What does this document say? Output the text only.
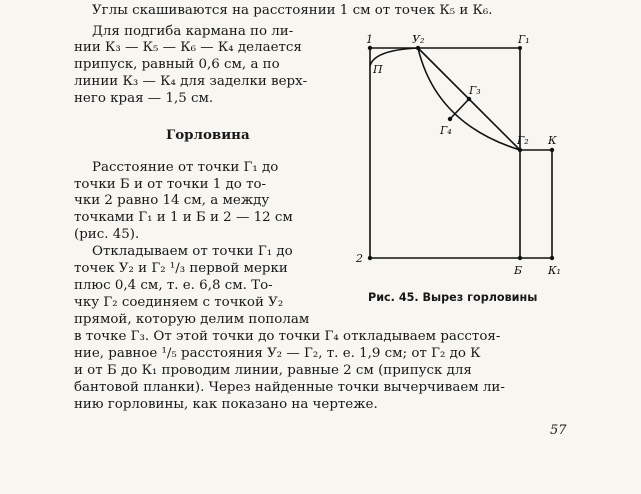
Углы скашиваются на расстоянии 1 см от точек К₅ и К₆.
Для подгиба кармана по ли-
нии К₃ — К₅ — К₆ — К₄ делается
припуск, равный 0,6 см, а по
линии К₃ — К₄ для заделки верх-
него края — 1,5 см.
Горловина
Расстояние от точки Г₁ до
точки Б и от точки 1 до то-
чки 2 равно 14 см, а между
точками Г₁ и 1 и Б и 2 — 12 см
(рис. 45).
Откладываем от точки Г₁ до
точек У₂ и Г₂ ¹/₃ первой мерки
плюс 0,4 см, т. е. 6,8 см. То-
чку Г₂ соединяем с точкой У₂
прямой, которую делим пополам
в точке Г₃. От этой точки до точки Г₄ откладываем расстоя-
ние, равное ¹/₅ расстояния У₂ — Г₂, т. е. 1,9 см; от Г₂ до К
и от Б до К₁ проводим линии, равные 2 см (припуск для
бантовой планки). Через найденные точки вычерчиваем ли-
нию горловины, как показано на чертеже.
57
1
П
У₂	Г₁
Г₃
Г₄
Г₂ К
2
Б К₁
Рис. 45. Вырез горловины
